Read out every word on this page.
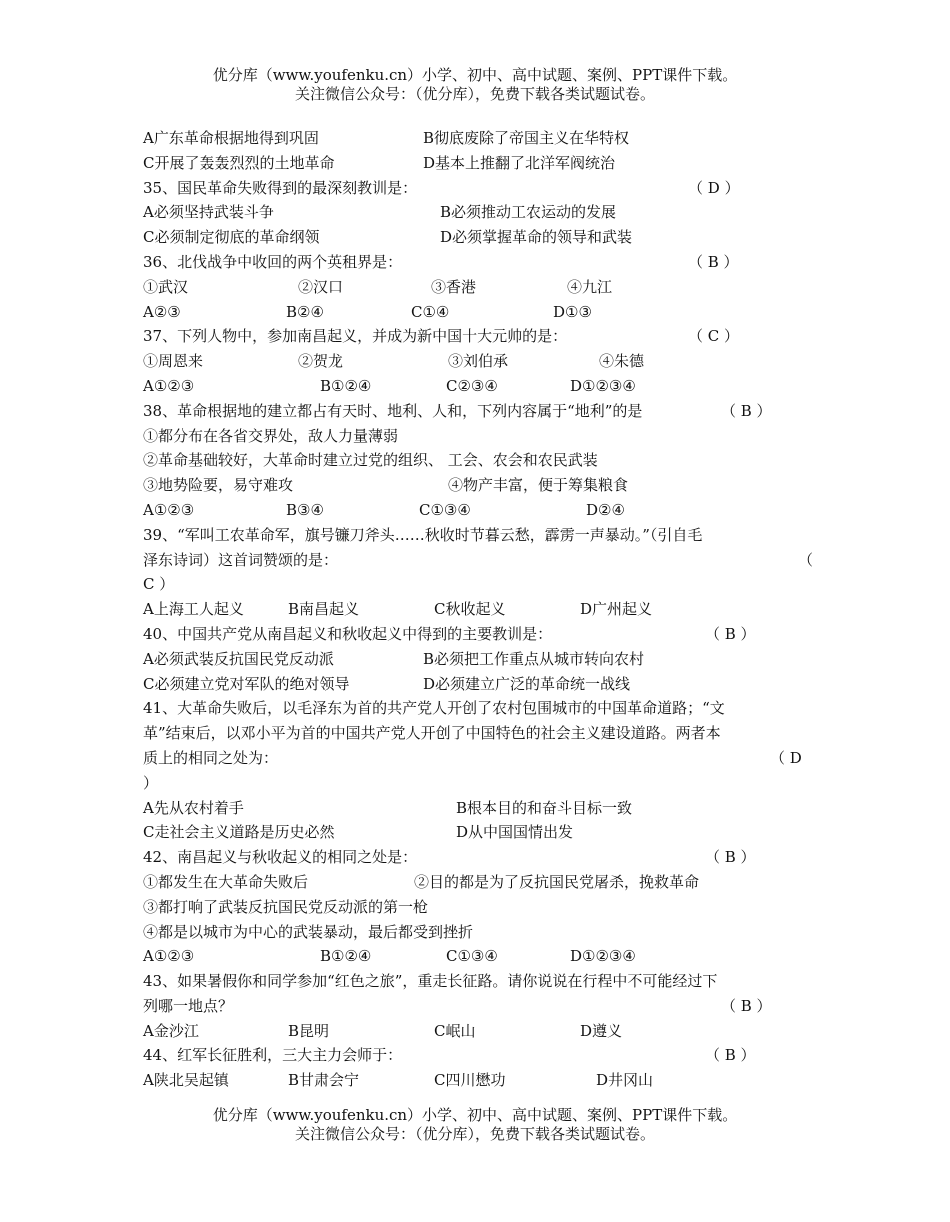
优分库（www.youfenku.cn）小学、初中、高中试题、案例、PPT课件下载。
关注微信公众号：（优分库），免费下载各类试题试卷。
A广东革命根据地得到巩固	B彻底废除了帝国主义在华特权
C开展了轰轰烈烈的土地革命	D基本上推翻了北洋军阀统治
35、国民革命失败得到的最深刻教训是：	（ D ）
A必须坚持武装斗争	B必须推动工农运动的发展
C必须制定彻底的革命纲领	D必须掌握革命的领导和武装
36、北伐战争中收回的两个英租界是：	（ B ）
①武汉	②汉口	③香港	④九江
A②③	B②④	C①④	D①③
37、下列人物中，参加南昌起义，并成为新中国十大元帅的是：	（ C ）
①周恩来	②贺龙	③刘伯承	④朱德
A①②③	B①②④	C②③④	D①②③④
38、革命根据地的建立都占有天时、地利、人和，下列内容属于“地利”的是	（ B ）
①都分布在各省交界处，敌人力量薄弱
②革命基础较好，大革命时建立过党的组织、 工会、农会和农民武装
③地势险要，易守难攻	④物产丰富，便于筹集粮食
A①②③	B③④	C①③④	D②④
39、“军叫工农革命军，旗号镰刀斧头……秋收时节暮云愁，霹雳一声暴动。”（引自毛
泽东诗词）这首词赞颂的是：	（
C ）
A上海工人起义	B南昌起义	C秋收起义	D广州起义
40、中国共产党从南昌起义和秋收起义中得到的主要教训是：	（ B ）
A必须武装反抗国民党反动派	B必须把工作重点从城市转向农村
C必须建立党对军队的绝对领导	D必须建立广泛的革命统一战线
41、大革命失败后，以毛泽东为首的共产党人开创了农村包围城市的中国革命道路；“文
革”结束后，以邓小平为首的中国共产党人开创了中国特色的社会主义建设道路。两者本
质上的相同之处为：	（ D
）
A先从农村着手	B根本目的和奋斗目标一致
C走社会主义道路是历史必然	D从中国国情出发
42、南昌起义与秋收起义的相同之处是：	（ B ）
①都发生在大革命失败后	②目的都是为了反抗国民党屠杀，挽救革命
③都打响了武装反抗国民党反动派的第一枪
④都是以城市为中心的武装暴动，最后都受到挫折
A①②③	B①②④	C①③④	D①②③④
43、如果暑假你和同学参加“红色之旅”，重走长征路。请你说说在行程中不可能经过下
列哪一地点？	（ B ）
A金沙江	B昆明	C岷山	D遵义
44、红军长征胜利，三大主力会师于：	（ B ）
A陕北吴起镇	B甘肃会宁	C四川懋功	D井冈山
优分库（www.youfenku.cn）小学、初中、高中试题、案例、PPT课件下载。
关注微信公众号：（优分库），免费下载各类试题试卷。
